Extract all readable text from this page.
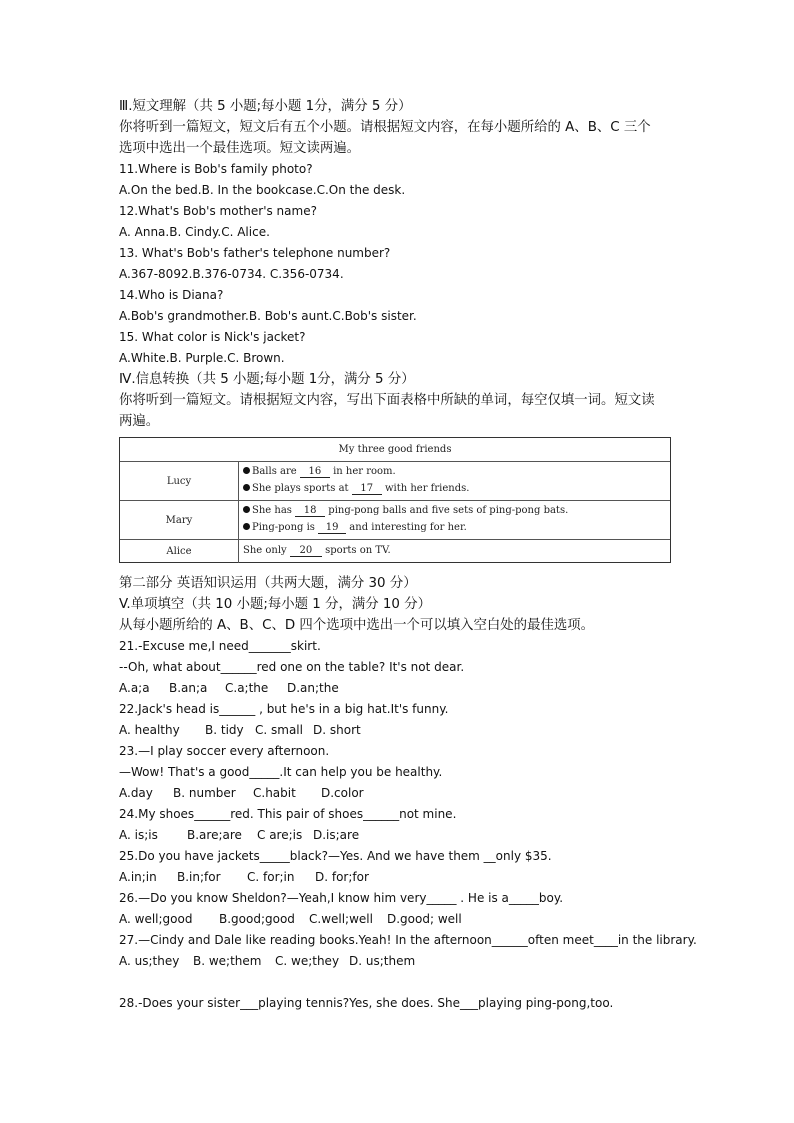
Ⅲ.短文理解（共 5 小题;每小题 1分，满分 5 分）
你将听到一篇短文，短文后有五个小题。请根据短文内容，在每小题所给的 A、B、C 三个
选项中选出一个最佳选项。短文读两遍。
11.Where is Bob's family photo?
A.On the bed.B. In the bookcase.C.On the desk.
12.What's Bob's mother's name?
A. Anna.B. Cindy.C. Alice.
13. What's Bob's father's telephone number?
A.367-8092.B.376-0734. C.356-0734.
14.Who is Diana?
A.Bob's grandmother.B. Bob's aunt.C.Bob's sister.
15. What color is Nick's jacket?
A.White.B. Purple.C. Brown.
Ⅳ.信息转换（共 5 小题;每小题 1分，满分 5 分）
你将听到一篇短文。请根据短文内容，写出下面表格中所缺的单词，每空仅填一词。短文读
两遍。
My three good friends
Lucy
Balls are 16 in her room.
She plays sports at 17 with her friends.
Mary
She has 18 ping-pong balls and five sets of ping-pong bats.
Ping-pong is 19 and interesting for her.
Alice	She only 20 sports on TV.
第二部分 英语知识运用（共两大题，满分 30 分）
V.单项填空（共 10 小题;每小题 1 分，满分 10 分）
从每小题所给的 A、B、C、D 四个选项中选出一个可以填入空白处的最佳选项。
21.-Excuse me,I need_______skirt.
--Oh, what about______red one on the table? It's not dear.
A.a;a B.an;a C.a;the D.an;the
22.Jack's head is______ , but he's in a big hat.It's funny.
A. healthy B. tidy C. small D. short
23.—I play soccer every afternoon.
—Wow! That's a good_____.It can help you be healthy.
A.day B. number C.habit D.color
24.My shoes______red. This pair of shoes______not mine.
A. is;is B.are;are C are;is D.is;are
25.Do you have jackets_____black?—Yes. And we have them __only $35.
A.in;in B.in;for C. for;in D. for;for
26.—Do you know Sheldon?—Yeah,I know him very_____ . He is a_____boy.
A. well;good B.good;good C.well;well D.good; well
27.—Cindy and Dale like reading books.Yeah! In the afternoon______often meet____in the library.
A. us;they B. we;them C. we;they D. us;them
28.-Does your sister___playing tennis?Yes, she does. She___playing ping-pong,too.
